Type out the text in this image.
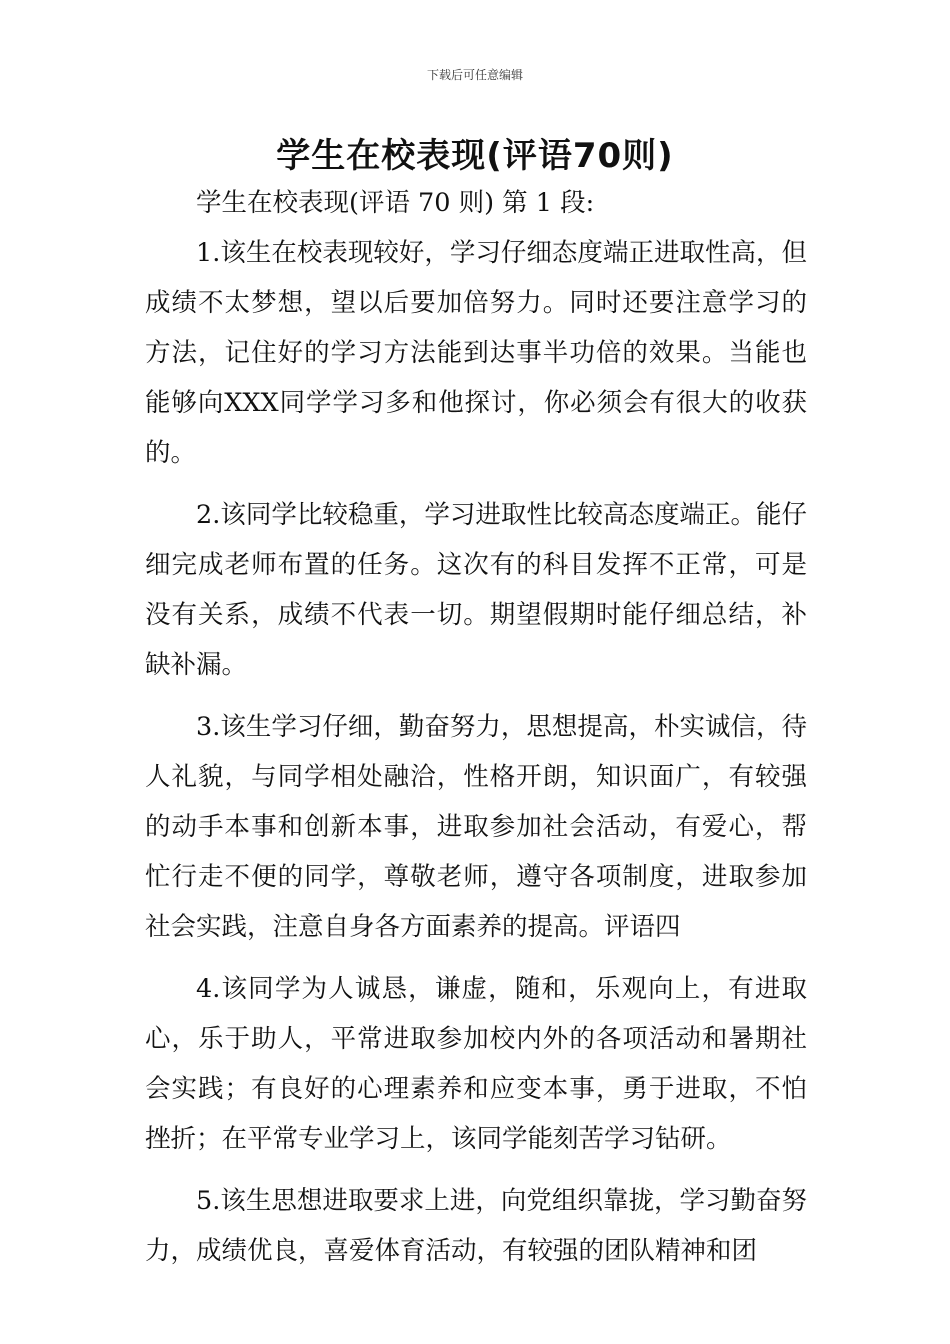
下载后可任意编辑
学生在校表现(评语70则)

学生在校表现(评语 70 则) 第 1 段:

1.该生在校表现较好，学习仔细态度端正进取性高，但成绩不太梦想，望以后要加倍努力。同时还要注意学习的方法，记住好的学习方法能到达事半功倍的效果。当能也能够向XXX同学学习多和他探讨，你必须会有很大的收获的。

2.该同学比较稳重，学习进取性比较高态度端正。能仔细完成老师布置的任务。这次有的科目发挥不正常，可是没有关系，成绩不代表一切。期望假期时能仔细总结，补缺补漏。

3.该生学习仔细，勤奋努力，思想提高，朴实诚信，待人礼貌，与同学相处融洽，性格开朗，知识面广，有较强的动手本事和创新本事，进取参加社会活动，有爱心，帮忙行走不便的同学，尊敬老师，遵守各项制度，进取参加社会实践，注意自身各方面素养的提高。评语四

4.该同学为人诚恳，谦虚，随和，乐观向上，有进取心，乐于助人，平常进取参加校内外的各项活动和暑期社会实践；有良好的心理素养和应变本事，勇于进取，不怕挫折；在平常专业学习上，该同学能刻苦学习钻研。

5.该生思想进取要求上进，向党组织靠拢，学习勤奋努力，成绩优良，喜爱体育活动，有较强的团队精神和团
